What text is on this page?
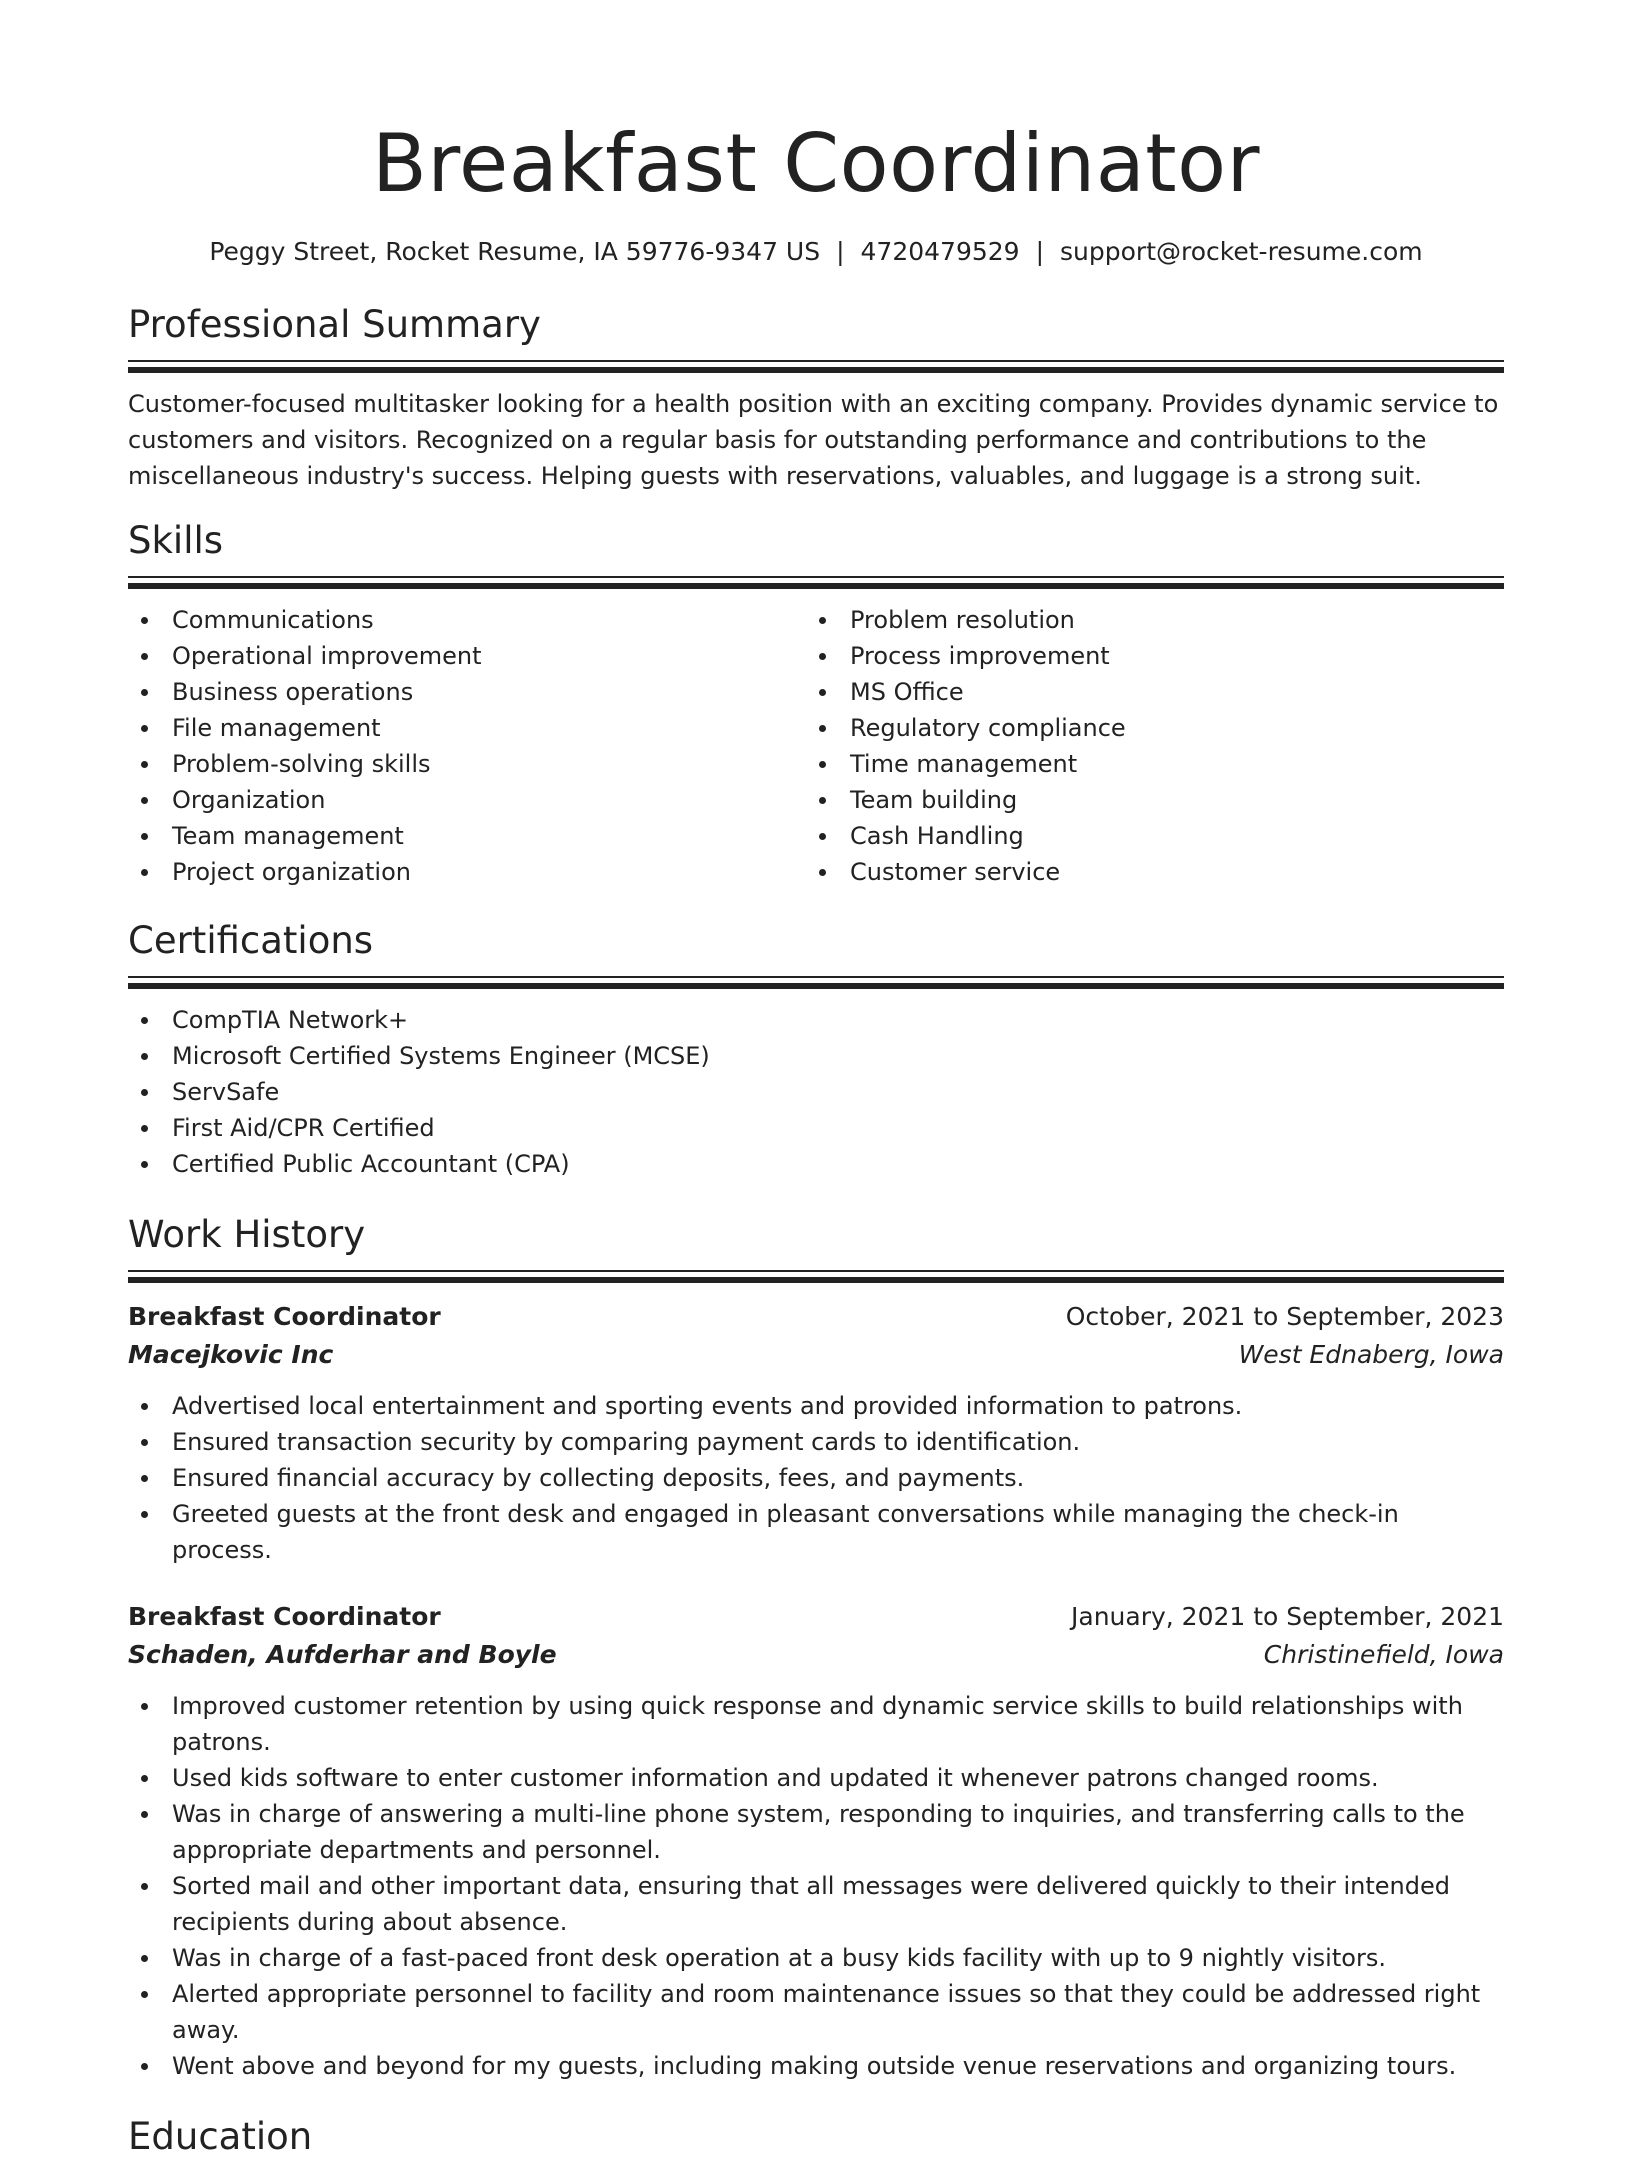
Breakfast Coordinator
Peggy Street, Rocket Resume, IA 59776-9347 US | 4720479529 | support@rocket-resume.com
Professional Summary

Customer-focused multitasker looking for a health position with an exciting company. Provides dynamic service to customers and visitors. Recognized on a regular basis for outstanding performance and contributions to the miscellaneous industry's success. Helping guests with reservations, valuables, and luggage is a strong suit.

Skills
Communications
Operational improvement
Business operations
File management
Problem-solving skills
Organization
Team management
Project organization
Problem resolution
Process improvement
MS Office
Regulatory compliance
Time management
Team building
Cash Handling
Customer service
Certifications
CompTIA Network+
Microsoft Certified Systems Engineer (MCSE)
ServSafe
First Aid/CPR Certified
Certified Public Accountant (CPA)
Work History
Breakfast Coordinator	October, 2021 to September, 2023
Macejkovic Inc	West Ednaberg, Iowa
Advertised local entertainment and sporting events and provided information to patrons.
Ensured transaction security by comparing payment cards to identification.
Ensured financial accuracy by collecting deposits, fees, and payments.
Greeted guests at the front desk and engaged in pleasant conversations while managing the check-in process.
Breakfast Coordinator	January, 2021 to September, 2021
Schaden, Aufderhar and Boyle	Christinefield, Iowa
Improved customer retention by using quick response and dynamic service skills to build relationships with patrons.
Used kids software to enter customer information and updated it whenever patrons changed rooms.
Was in charge of answering a multi-line phone system, responding to inquiries, and transferring calls to the appropriate departments and personnel.
Sorted mail and other important data, ensuring that all messages were delivered quickly to their intended recipients during about absence.
Was in charge of a fast-paced front desk operation at a busy kids facility with up to 9 nightly visitors.
Alerted appropriate personnel to facility and room maintenance issues so that they could be addressed right away.
Went above and beyond for my guests, including making outside venue reservations and organizing tours.
Education
